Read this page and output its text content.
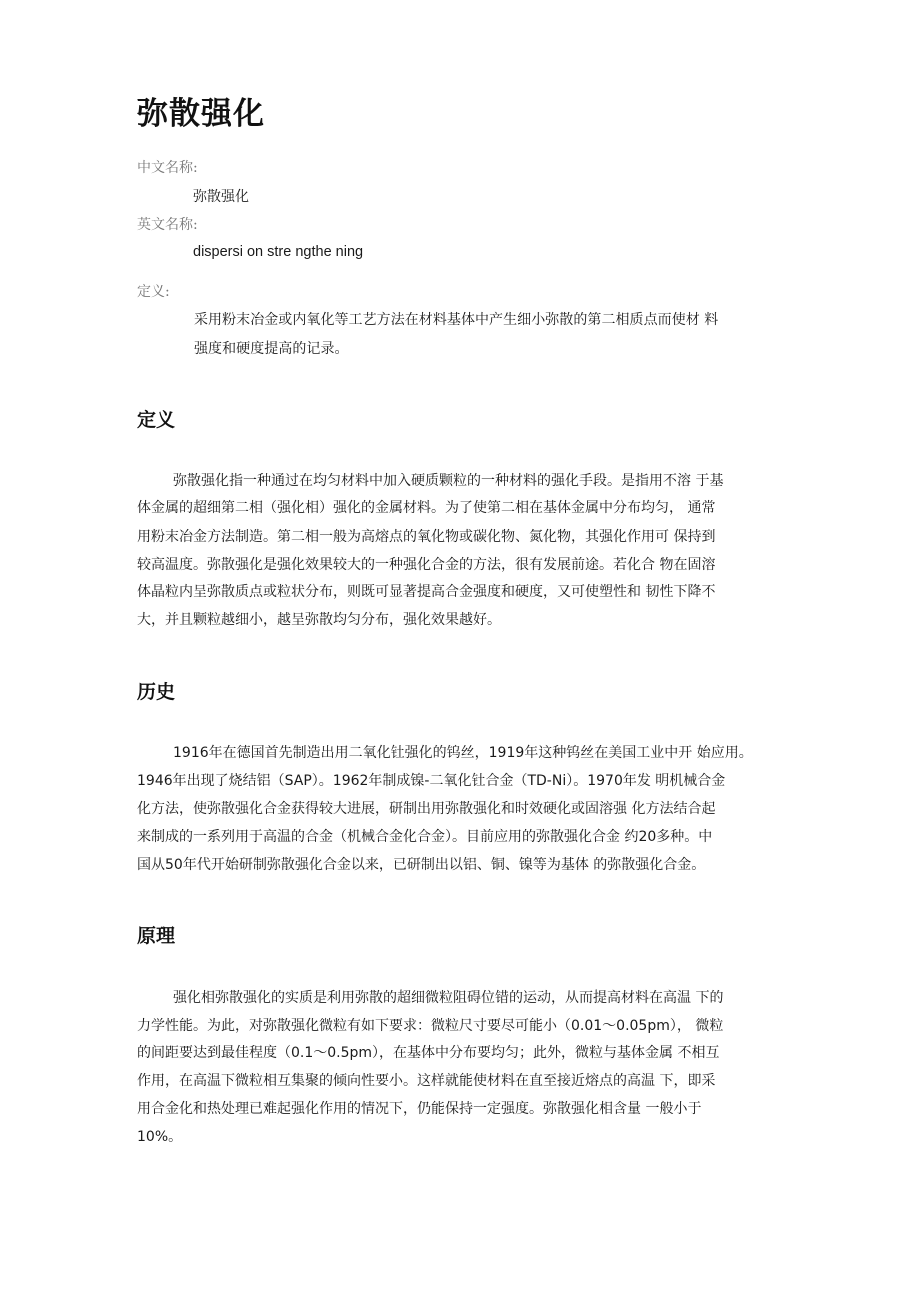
弥散强化
中文名称:
弥散强化
英文名称:
dispersi on stre ngthe ning
定义:
采用粉末冶金或内氧化等工艺方法在材料基体中产生细小弥散的第二相质点而使材 料
强度和硬度提高的记录。
定义
弥散强化指一种通过在均匀材料中加入硬质颗粒的一种材料的强化手段。是指用不溶 于基
体金属的超细第二相（强化相）强化的金属材料。为了使第二相在基体金属中分布均匀， 通常
用粉末冶金方法制造。第二相一般为高熔点的氧化物或碳化物、氮化物，其强化作用可 保持到
较高温度。弥散强化是强化效果较大的一种强化合金的方法，很有发展前途。若化合 物在固溶
体晶粒内呈弥散质点或粒状分布，则既可显著提高合金强度和硬度，又可使塑性和 韧性下降不
大，并且颗粒越细小，越呈弥散均匀分布，强化效果越好。
历史
1916年在德国首先制造出用二氧化钍强化的钨丝，1919年这种钨丝在美国工业中开 始应用。
1946年出现了烧结铝（SAP）。1962年制成镍-二氧化钍合金（TD-Ni）。1970年发 明机械合金
化方法，使弥散强化合金获得较大进展，研制出用弥散强化和时效硬化或固溶强 化方法结合起
来制成的一系列用于高温的合金（机械合金化合金）。目前应用的弥散强化合金 约20多种。中
国从50年代开始研制弥散强化合金以来，已研制出以铝、铜、镍等为基体 的弥散强化合金。
原理
强化相弥散强化的实质是利用弥散的超细微粒阻碍位错的运动，从而提高材料在高温 下的
力学性能。为此，对弥散强化微粒有如下要求：微粒尺寸要尽可能小（0.01～0.05pm）， 微粒
的间距要达到最佳程度（0.1～0.5pm），在基体中分布要均匀；此外，微粒与基体金属 不相互
作用，在高温下微粒相互集聚的倾向性要小。这样就能使材料在直至接近熔点的高温 下，即采
用合金化和热处理已难起强化作用的情况下，仍能保持一定强度。弥散强化相含量 一般小于
10%。
